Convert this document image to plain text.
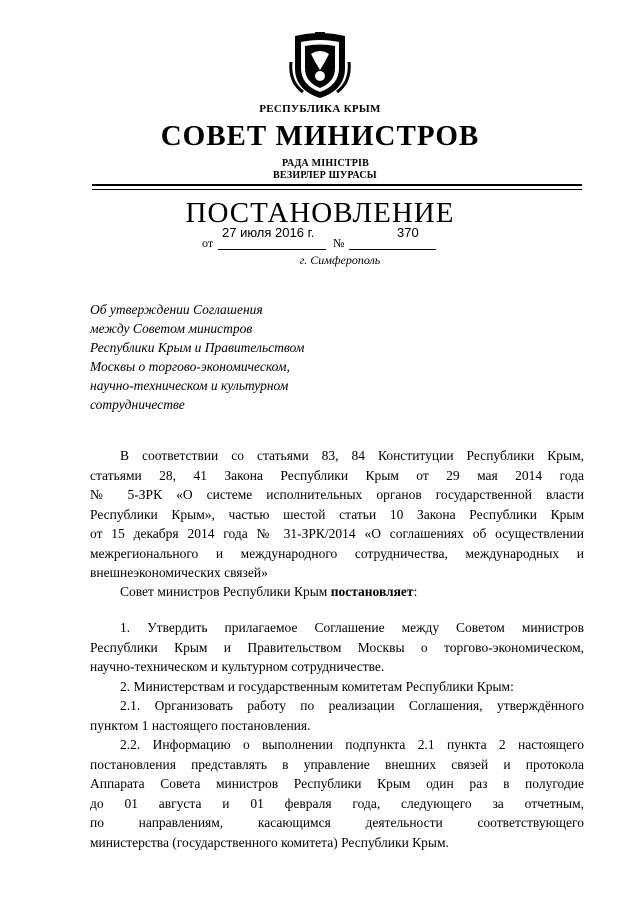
РЕСПУБЛИКА КРЫМ
СОВЕТ МИНИСТРОВ
РАДА МІНІСТРІВ
ВЕЗИРЛЕР ШУРАСЫ
ПОСТАНОВЛЕНИЕ
27 июля 2016 г.	370
от	№
г. Симферополь
Об утверждении Соглашения
между Советом министров
Республики Крым и Правительством
Москвы о торгово-экономическом,
научно-техническом и культурном
сотрудничестве
В соответствии со статьями 83, 84 Конституции Республики Крым,
статьями 28, 41 Закона Республики Крым от 29 мая 2014 года
№ 5-ЗРК «О системе исполнительных органов государственной власти
Республики Крым», частью шестой статьи 10 Закона Республики Крым
от 15 декабря 2014 года № 31-ЗРК/2014 «О соглашениях об осуществлении
межрегионального и международного сотрудничества, международных и
внешнеэкономических связей»
Совет министров Республики Крым постановляет:
1. Утвердить прилагаемое Соглашение между Советом министров
Республики Крым и Правительством Москвы о торгово-экономическом,
научно-техническом и культурном сотрудничестве.
2. Министерствам и государственным комитетам Республики Крым:
2.1. Организовать работу по реализации Соглашения, утверждённого
пунктом 1 настоящего постановления.
2.2. Информацию о выполнении подпункта 2.1 пункта 2 настоящего
постановления представлять в управление внешних связей и протокола
Аппарата Совета министров Республики Крым один раз в полугодие
до 01 августа и 01 февраля года, следующего за отчетным,
по направлениям, касающимся деятельности соответствующего
министерства (государственного комитета) Республики Крым.
